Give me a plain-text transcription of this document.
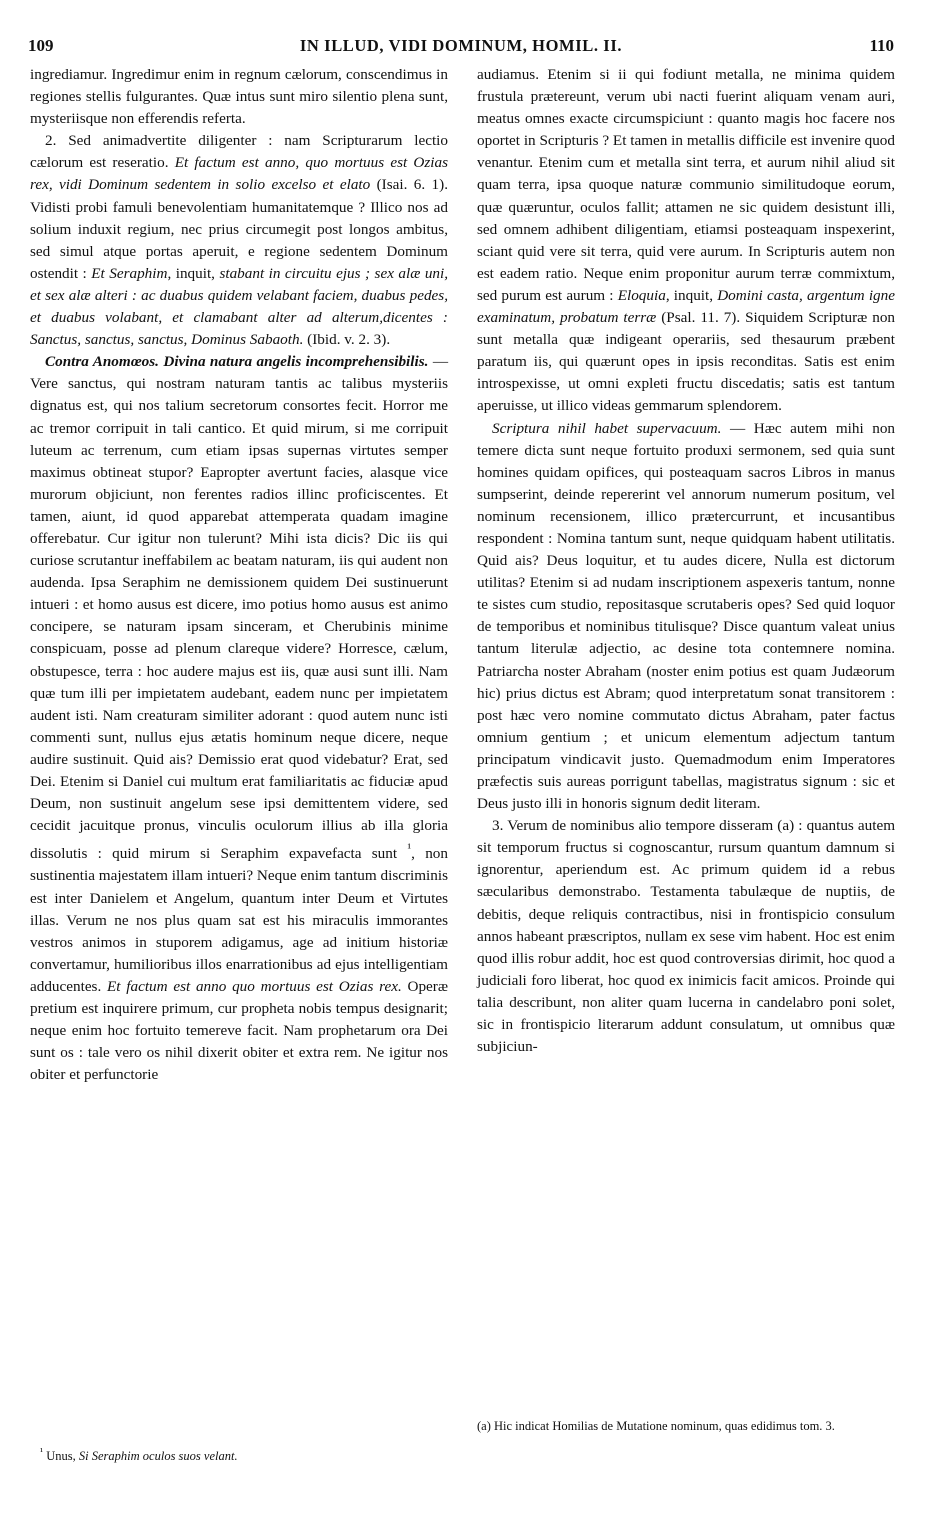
109	IN ILLUD, VIDI DOMINUM, HOMIL. II.	110

ingrediamur. Ingredimur enim in regnum cælorum, conscendimus in regiones stellis fulgurantes. Quæ intus sunt miro silentio plena sunt, mysteriisque non efferendis referta.

2. Sed animadvertite diligenter : nam Scripturarum lectio cælorum est reseratio. Et factum est anno, quo mortuus est Ozias rex, vidi Dominum sedentem in solio excelso et elato (Isai. 6. 1). Vidisti probi famuli benevolentiam humanitatemque ? Illico nos ad solium induxit regium, nec prius circumegit post longos ambitus, sed simul atque portas aperuit, e regione sedentem Dominum ostendit : Et Seraphim, inquit, stabant in circuitu ejus ; sex alæ uni, et sex alæ alteri : ac duabus quidem velabant faciem, duabus pedes, et duabus volabant, et clamabant alter ad alterum,dicentes : Sanctus, sanctus, sanctus, Dominus Sabaoth. (Ibid. v. 2. 3).

Contra Anomœos. Divina natura angelis incomprehensibilis. — Vere sanctus, qui nostram naturam tantis ac talibus mysteriis dignatus est, qui nos talium secretorum consortes fecit. Horror me ac tremor corripuit in tali cantico. Et quid mirum, si me corripuit luteum ac terrenum, cum etiam ipsas supernas virtutes semper maximus obtineat stupor? Eapropter avertunt facies, alasque vice murorum objiciunt, non ferentes radios illinc proficiscentes. Et tamen, aiunt, id quod apparebat attemperata quadam imagine offerebatur. Cur igitur non tulerunt? Mihi ista dicis? Dic iis qui curiose scrutantur ineffabilem ac beatam naturam, iis qui audent non audenda. Ipsa Seraphim ne demissionem quidem Dei sustinuerunt intueri : et homo ausus est dicere, imo potius homo ausus est animo concipere, se naturam ipsam sinceram, et Cherubinis minime conspicuam, posse ad plenum clareque videre? Horresce, cælum, obstupesce, terra : hoc audere majus est iis, quæ ausi sunt illi. Nam quæ tum illi per impietatem audebant, eadem nunc per impietatem audent isti. Nam creaturam similiter adorant : quod autem nunc isti commenti sunt, nullus ejus ætatis hominum neque dicere, neque audire sustinuit. Quid ais? Demissio erat quod videbatur? Erat, sed Dei. Etenim si Daniel cui multum erat familiaritatis ac fiduciæ apud Deum, non sustinuit angelum sese ipsi demittentem videre, sed cecidit jacuitque pronus, vinculis oculorum illius ab illa gloria dissolutis : quid mirum si Seraphim expavefacta sunt $^{^1}$, non sustinentia majestatem illam intueri? Neque enim tantum discriminis est inter Danielem et Angelum, quantum inter Deum et Virtutes illas. Verum ne nos plus quam sat est his miraculis immorantes vestros animos in stuporem adigamus, age ad initium historiæ convertamur, humilioribus illos enarrationibus ad ejus intelligentiam adducentes. Et factum est anno quo mortuus est Ozias rex. Operæ pretium est inquirere primum, cur propheta nobis tempus designarit; neque enim hoc fortuito temereve facit. Nam prophetarum ora Dei sunt os : tale vero os nihil dixerit obiter et extra rem. Ne igitur nos obiter et perfunctorie

audiamus. Etenim si ii qui fodiunt metalla, ne minima quidem frustula prætereunt, verum ubi nacti fuerint aliquam venam auri, meatus omnes exacte circumspiciunt : quanto magis hoc facere nos oportet in Scripturis ? Et tamen in metallis difficile est invenire quod venantur. Etenim cum et metalla sint terra, et aurum nihil aliud sit quam terra, ipsa quoque naturæ communio similitudoque eorum, quæ quæruntur, oculos fallit; attamen ne sic quidem desistunt illi, sed omnem adhibent diligentiam, etiamsi posteaquam inspexerint, sciant quid vere sit terra, quid vere aurum. In Scripturis autem non est eadem ratio. Neque enim proponitur aurum terræ commixtum, sed purum est aurum : Eloquia, inquit, Domini casta, argentum igne examinatum, probatum terræ (Psal. 11. 7). Siquidem Scripturæ non sunt metalla quæ indigeant operariis, sed thesaurum præbent paratum iis, qui quærunt opes in ipsis reconditas. Satis est enim introspexisse, ut omni expleti fructu discedatis; satis est tantum aperuisse, ut illico videas gemmarum splendorem.

Scriptura nihil habet supervacuum. — Hæc autem mihi non temere dicta sunt neque fortuito produxi sermonem, sed quia sunt homines quidam opifices, qui posteaquam sacros Libros in manus sumpserint, deinde repererint vel annorum numerum positum, vel nominum recensionem, illico prætercurrunt, et incusantibus respondent : Nomina tantum sunt, neque quidquam habent utilitatis. Quid ais? Deus loquitur, et tu audes dicere, Nulla est dictorum utilitas? Etenim si ad nudam inscriptionem aspexeris tantum, nonne te sistes cum studio, repositasque scrutaberis opes? Sed quid loquor de temporibus et nominibus titulisque? Disce quantum valeat unius tantum literulæ adjectio, ac desine tota contemnere nomina. Patriarcha noster Abraham (noster enim potius est quam Judæorum hic) prius dictus est Abram; quod interpretatum sonat transitorem : post hæc vero nomine commutato dictus Abraham, pater factus omnium gentium ; et unicum elementum adjectum tantum principatum vindicavit justo. Quemadmodum enim Imperatores præfectis suis aureas porrigunt tabellas, magistratus signum : sic et Deus justo illi in honoris signum dedit literam.

3. Verum de nominibus alio tempore disseram (a) : quantus autem sit temporum fructus si cognoscantur, rursum quantum damnum si ignorentur, aperiendum est. Ac primum quidem id a rebus sæcularibus demonstrabo. Testamenta tabulæque de nuptiis, de debitis, deque reliquis contractibus, nisi in frontispicio consulum annos habeant præscriptos, nullam ex sese vim habent. Hoc est enim quod illis robur addit, hoc est quod controversias dirimit, hoc quod a judiciali foro liberat, hoc quod ex inimicis facit amicos. Proinde qui talia describunt, non aliter quam lucerna in candelabro poni solet, sic in frontispicio literarum addunt consulatum, ut omnibus quæ subjiciun-

$^{^1}$ Unus, Si Seraphim oculos suos velant.
(a) Hic indicat Homilias de Mutatione nominum, quas edidimus tom. 3.
